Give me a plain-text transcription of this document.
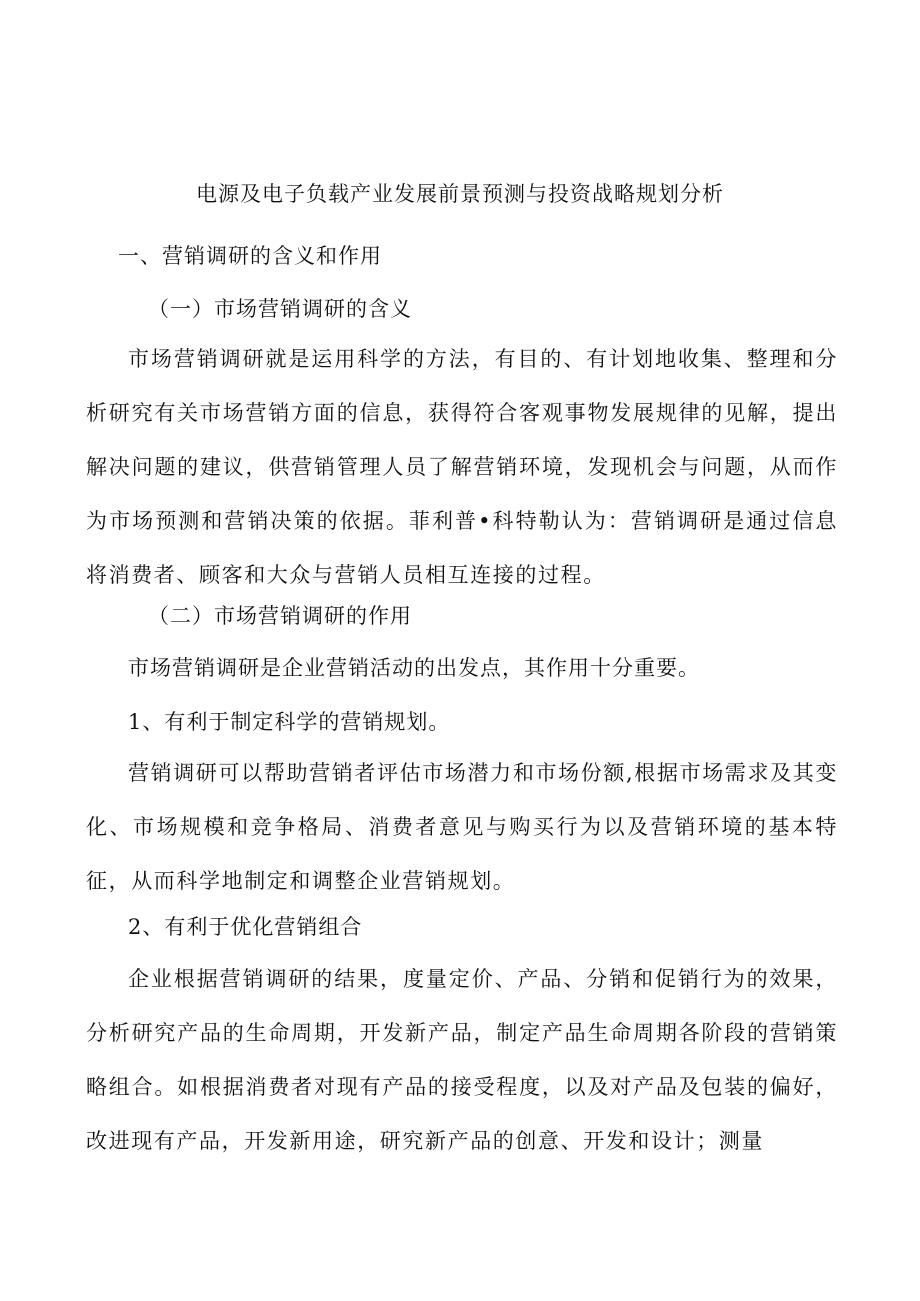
电源及电子负载产业发展前景预测与投资战略规划分析
一、营销调研的含义和作用
（一）市场营销调研的含义

市场营销调研就是运用科学的方法，有目的、有计划地收集、整理和分析研究有关市场营销方面的信息，获得符合客观事物发展规律的见解，提出解决问题的建议，供营销管理人员了解营销环境，发现机会与问题，从而作为市场预测和营销决策的依据。菲利普•科特勒认为：营销调研是通过信息将消费者、顾客和大众与营销人员相互连接的过程。

（二）市场营销调研的作用
市场营销调研是企业营销活动的出发点，其作用十分重要。
1、有利于制定科学的营销规划。

营销调研可以帮助营销者评估市场潜力和市场份额,根据市场需求及其变化、市场规模和竞争格局、消费者意见与购买行为以及营销环境的基本特征，从而科学地制定和调整企业营销规划。

2、有利于优化营销组合

企业根据营销调研的结果，度量定价、产品、分销和促销行为的效果，分析研究产品的生命周期，开发新产品，制定产品生命周期各阶段的营销策略组合。如根据消费者对现有产品的接受程度，以及对产品及包装的偏好，改进现有产品，开发新用途，研究新产品的创意、开发和设计；测量
